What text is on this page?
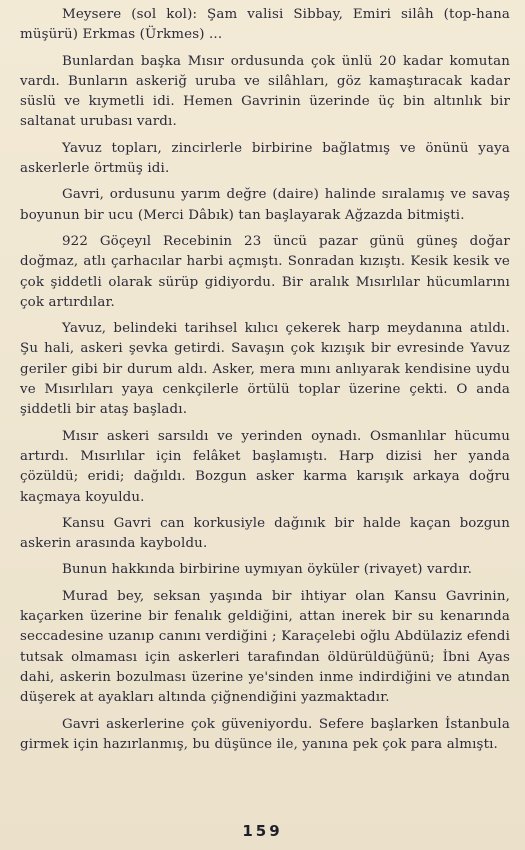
Meysere (sol kol): Şam valisi Sibbay, Emiri silâh (top-hana müşürü) Erkmas (Ürkmes) ...

Bunlardan başka Mısır ordusunda çok ünlü 20 kadar komutan vardı. Bunların askeriğ uruba ve silâhları, göz kamaştıracak kadar süslü ve kıymetli idi. Hemen Gavrinin üzerinde üç bin altınlık bir saltanat urubası vardı.

Yavuz topları, zincirlerle birbirine bağlatmış ve önünü yaya askerlerle örtmüş idi.

Gavri, ordusunu yarım değre (daire) halinde sıralamış ve savaş boyunun bir ucu (Merci Dâbık) tan başlayarak Ağzazda bitmişti.

922 Göçeyıl Recebinin 23 üncü pazar günü güneş doğar doğmaz, atlı çarhacılar harbi açmıştı. Sonradan kızıştı. Kesik kesik ve çok şiddetli olarak sürüp gidiyordu. Bir aralık Mısırlılar hücumlarını çok artırdılar.

Yavuz, belindeki tarihsel kılıcı çekerek harp meydanına atıldı. Şu hali, askeri şevka getirdi. Savaşın çok kızışık bir evresinde Yavuz geriler gibi bir durum aldı. Asker, mera mını anlıyarak kendisine uydu ve Mısırlıları yaya cenkçilerle örtülü toplar üzerine çekti. O anda şiddetli bir ataş başladı.

Mısır askeri sarsıldı ve yerinden oynadı. Osmanlılar hücumu artırdı. Mısırlılar için felâket başlamıştı. Harp dizisi her yanda çözüldü; eridi; dağıldı. Bozgun asker karma karışık arkaya doğru kaçmaya koyuldu.

Kansu Gavri can korkusiyle dağınık bir halde kaçan bozgun askerin arasında kayboldu.

Bunun hakkında birbirine uymıyan öyküler (rivayet) vardır.

Murad bey, seksan yaşında bir ihtiyar olan Kansu Gavrinin, kaçarken üzerine bir fenalık geldiğini, attan inerek bir su kenarında seccadesine uzanıp canını verdiğini ; Karaçelebi oğlu Abdülaziz efendi tutsak olmaması için askerleri tarafından öldürüldüğünü; İbni Ayas dahi, askerin bozulması üzerine ye'sinden inme indirdiğini ve atından düşerek at ayakları altında çiğnendiğini yazmaktadır.

Gavri askerlerine çok güveniyordu. Sefere başlarken İstanbula girmek için hazırlanmış, bu düşünce ile, yanına pek çok para almıştı.

159
